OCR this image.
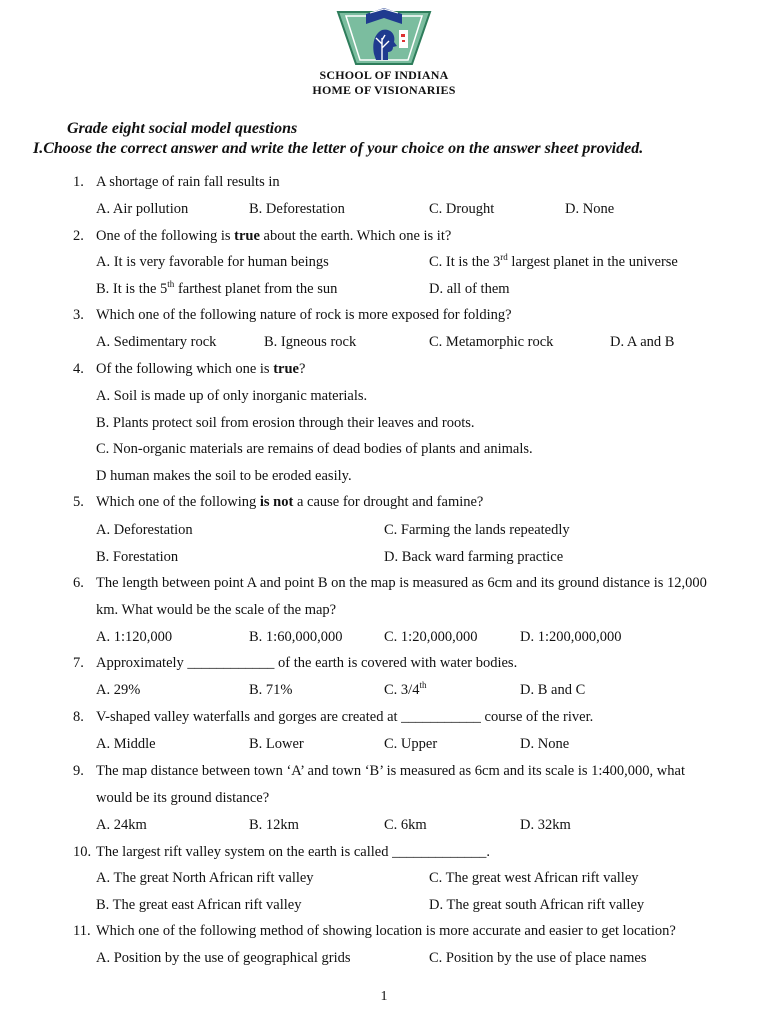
SCHOOL OF INDIANA
HOME OF VISIONARIES
Grade eight social model questions
I.Choose the correct answer and write the letter of your choice on the answer sheet provided.
1. A shortage of rain fall results in
A. Air pollution	B. Deforestation	C. Drought	D. None
2. One of the following is true about the earth. Which one is it?
A. It is very favorable for human beings	C. It is the 3rd largest planet in the universe
B. It is the 5th farthest planet from the sun	D. all of them
3. Which one of the following nature of rock is more exposed for folding?
A. Sedimentary rock	B. Igneous rock	C. Metamorphic rock	D. A and B
4. Of the following which one is true?
A. Soil is made up of only inorganic materials.
B. Plants protect soil from erosion through their leaves and roots.
C. Non-organic materials are remains of dead bodies of plants and animals.
D human makes the soil to be eroded easily.
5. Which one of the following is not a cause for drought and famine?
A. Deforestation	C. Farming the lands repeatedly
B. Forestation	D. Back ward farming practice
6. The length between point A and point B on the map is measured as 6cm and its ground distance is 12,000
km. What would be the scale of the map?
A. 1:120,000	B. 1:60,000,000	C. 1:20,000,000	D. 1:200,000,000
7. Approximately ____________ of the earth is covered with water bodies.
A. 29%	B. 71%	C. 3/4th	D. B and C
8. V-shaped valley waterfalls and gorges are created at ___________ course of the river.
A. Middle	B. Lower	C. Upper	D. None
9. The map distance between town ‘A’ and town ‘B’ is measured as 6cm and its scale is 1:400,000, what
would be its ground distance?
A. 24km	B. 12km	C. 6km	D. 32km
10. The largest rift valley system on the earth is called _____________.
A. The great North African rift valley	C. The great west African rift valley
B. The great east African rift valley	D. The great south African rift valley
11. Which one of the following method of showing location is more accurate and easier to get location?
A. Position by the use of geographical grids	C. Position by the use of place names
1
